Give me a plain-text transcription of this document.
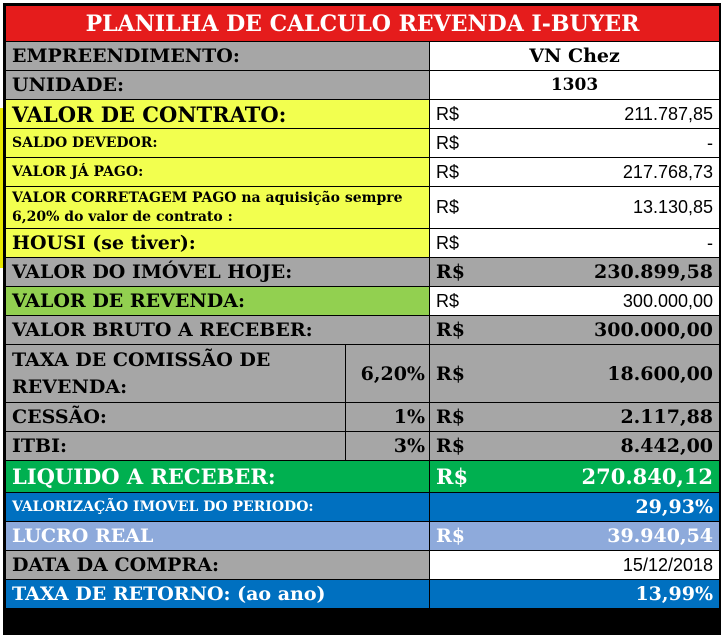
PLANILHA DE CALCULO REVENDA I-BUYER		
EMPREENDIMENTO:		VN Chez
UNIDADE:		1303
VALOR DE CONTRATO:		R$ 211.787,85

SALDO DEVEDOR:		R$ -

VALOR JÁ PAGO:		R$ 217.768,73

VALOR CORRETAGEM PAGO na aquisição sempre 6,20% do valor de contrato :		R$ 13.130,85

HOUSI (se tiver):		R$ -

VALOR DO IMÓVEL HOJE:		R$ 230.899,58

VALOR DE REVENDA:		R$ 300.000,00

VALOR BRUTO A RECEBER:		R$ 300.000,00

TAXA DE COMISSÃO DE REVENDA:	6,20%	R$ 18.600,00

CESSÃO:	1%	R$ 2.117,88

ITBI:	3%	R$ 8.442,00

LIQUIDO A RECEBER:		R$ 270.840,12

VALORIZAÇÃO IMOVEL DO PERIODO:		29,93%
LUCRO REAL		R$ 39.940,54

DATA DA COMPRA:		15/12/2018
TAXA DE RETORNO: (ao ano)		13,99%
